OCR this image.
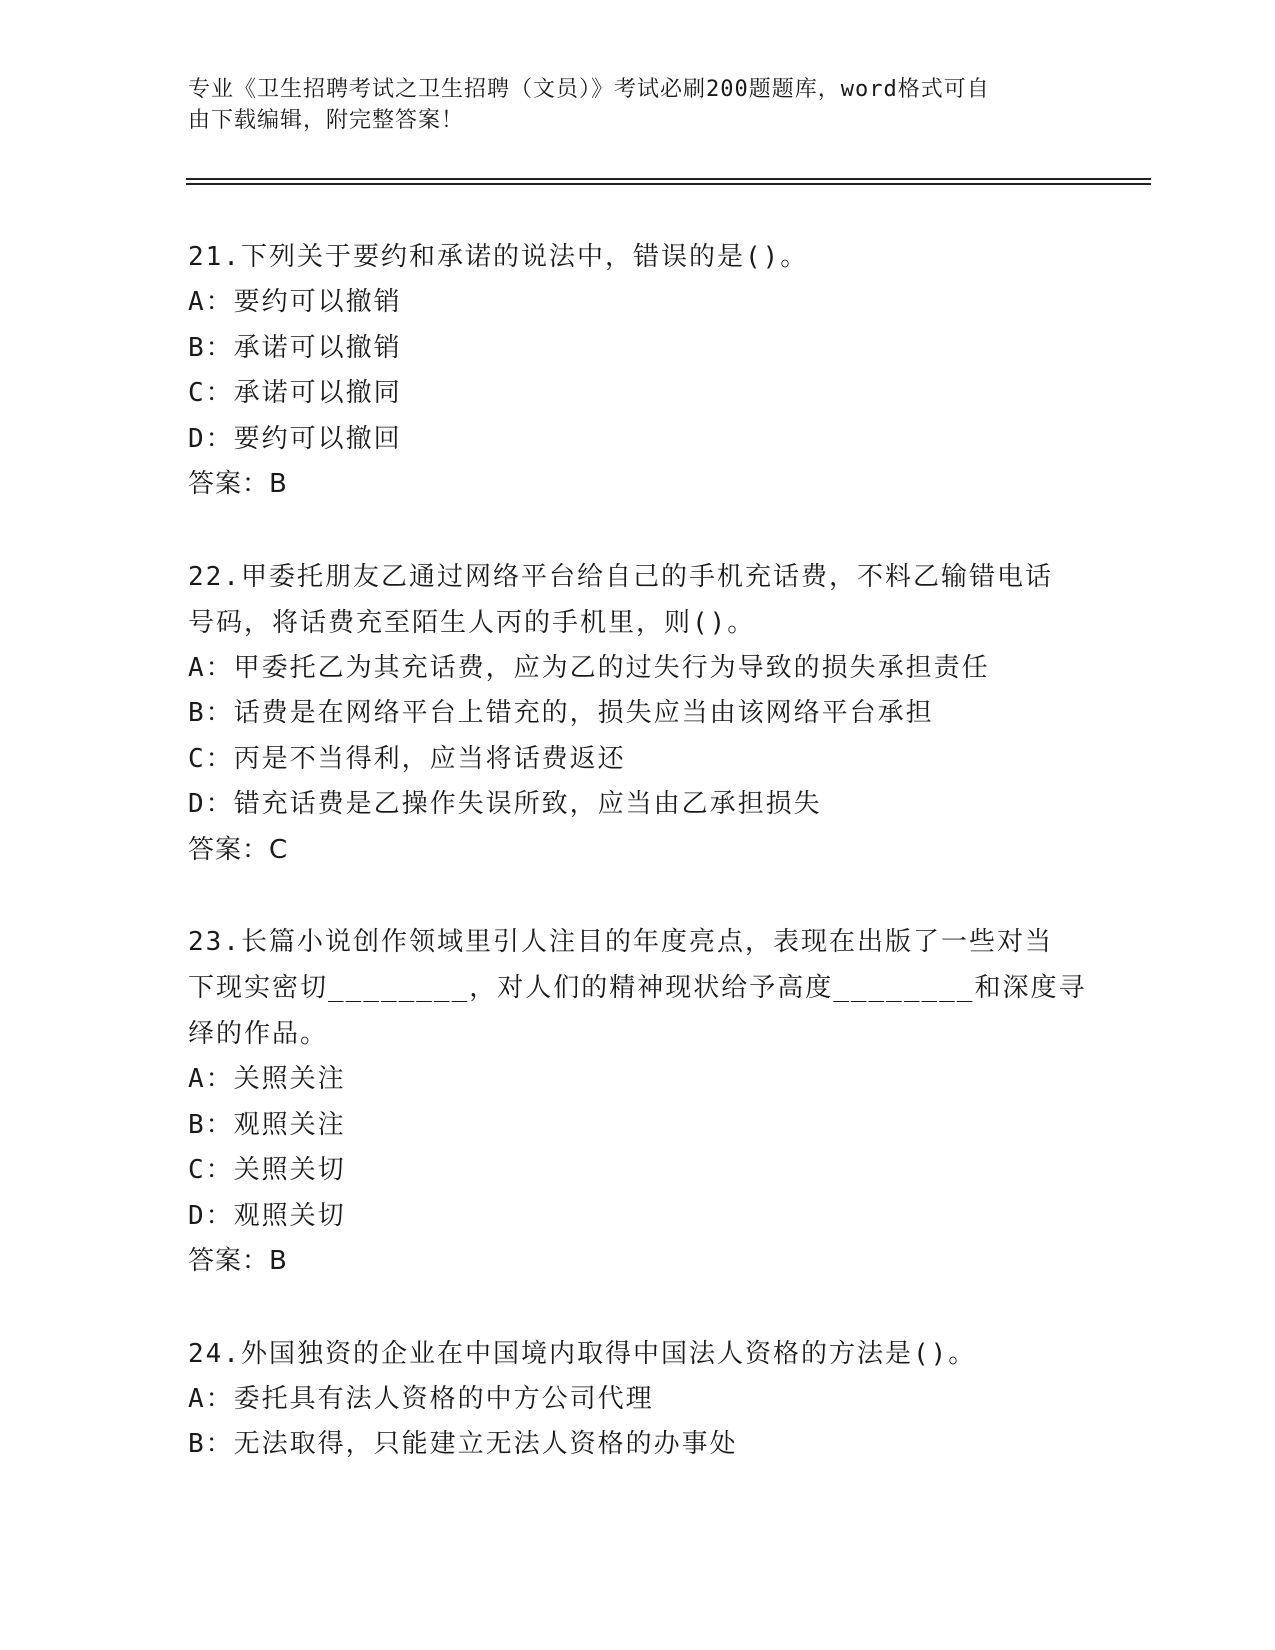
专业《卫生招聘考试之卫生招聘（文员）》考试必刷200题题库，word格式可自
由下载编辑，附完整答案！
21.下列关于要约和承诺的说法中，错误的是()。
A：要约可以撤销
B：承诺可以撤销
C：承诺可以撤同
D：要约可以撤回
答案：B
22.甲委托朋友乙通过网络平台给自己的手机充话费，不料乙输错电话
号码，将话费充至陌生人丙的手机里，则()。
A：甲委托乙为其充话费，应为乙的过失行为导致的损失承担责任
B：话费是在网络平台上错充的，损失应当由该网络平台承担
C：丙是不当得利，应当将话费返还
D：错充话费是乙操作失误所致，应当由乙承担损失
答案：C
23.长篇小说创作领域里引人注目的年度亮点，表现在出版了一些对当
下现实密切________，对人们的精神现状给予高度________和深度寻
绎的作品。
A：关照关注
B：观照关注
C：关照关切
D：观照关切
答案：B
24.外国独资的企业在中国境内取得中国法人资格的方法是()。
A：委托具有法人资格的中方公司代理
B：无法取得，只能建立无法人资格的办事处
